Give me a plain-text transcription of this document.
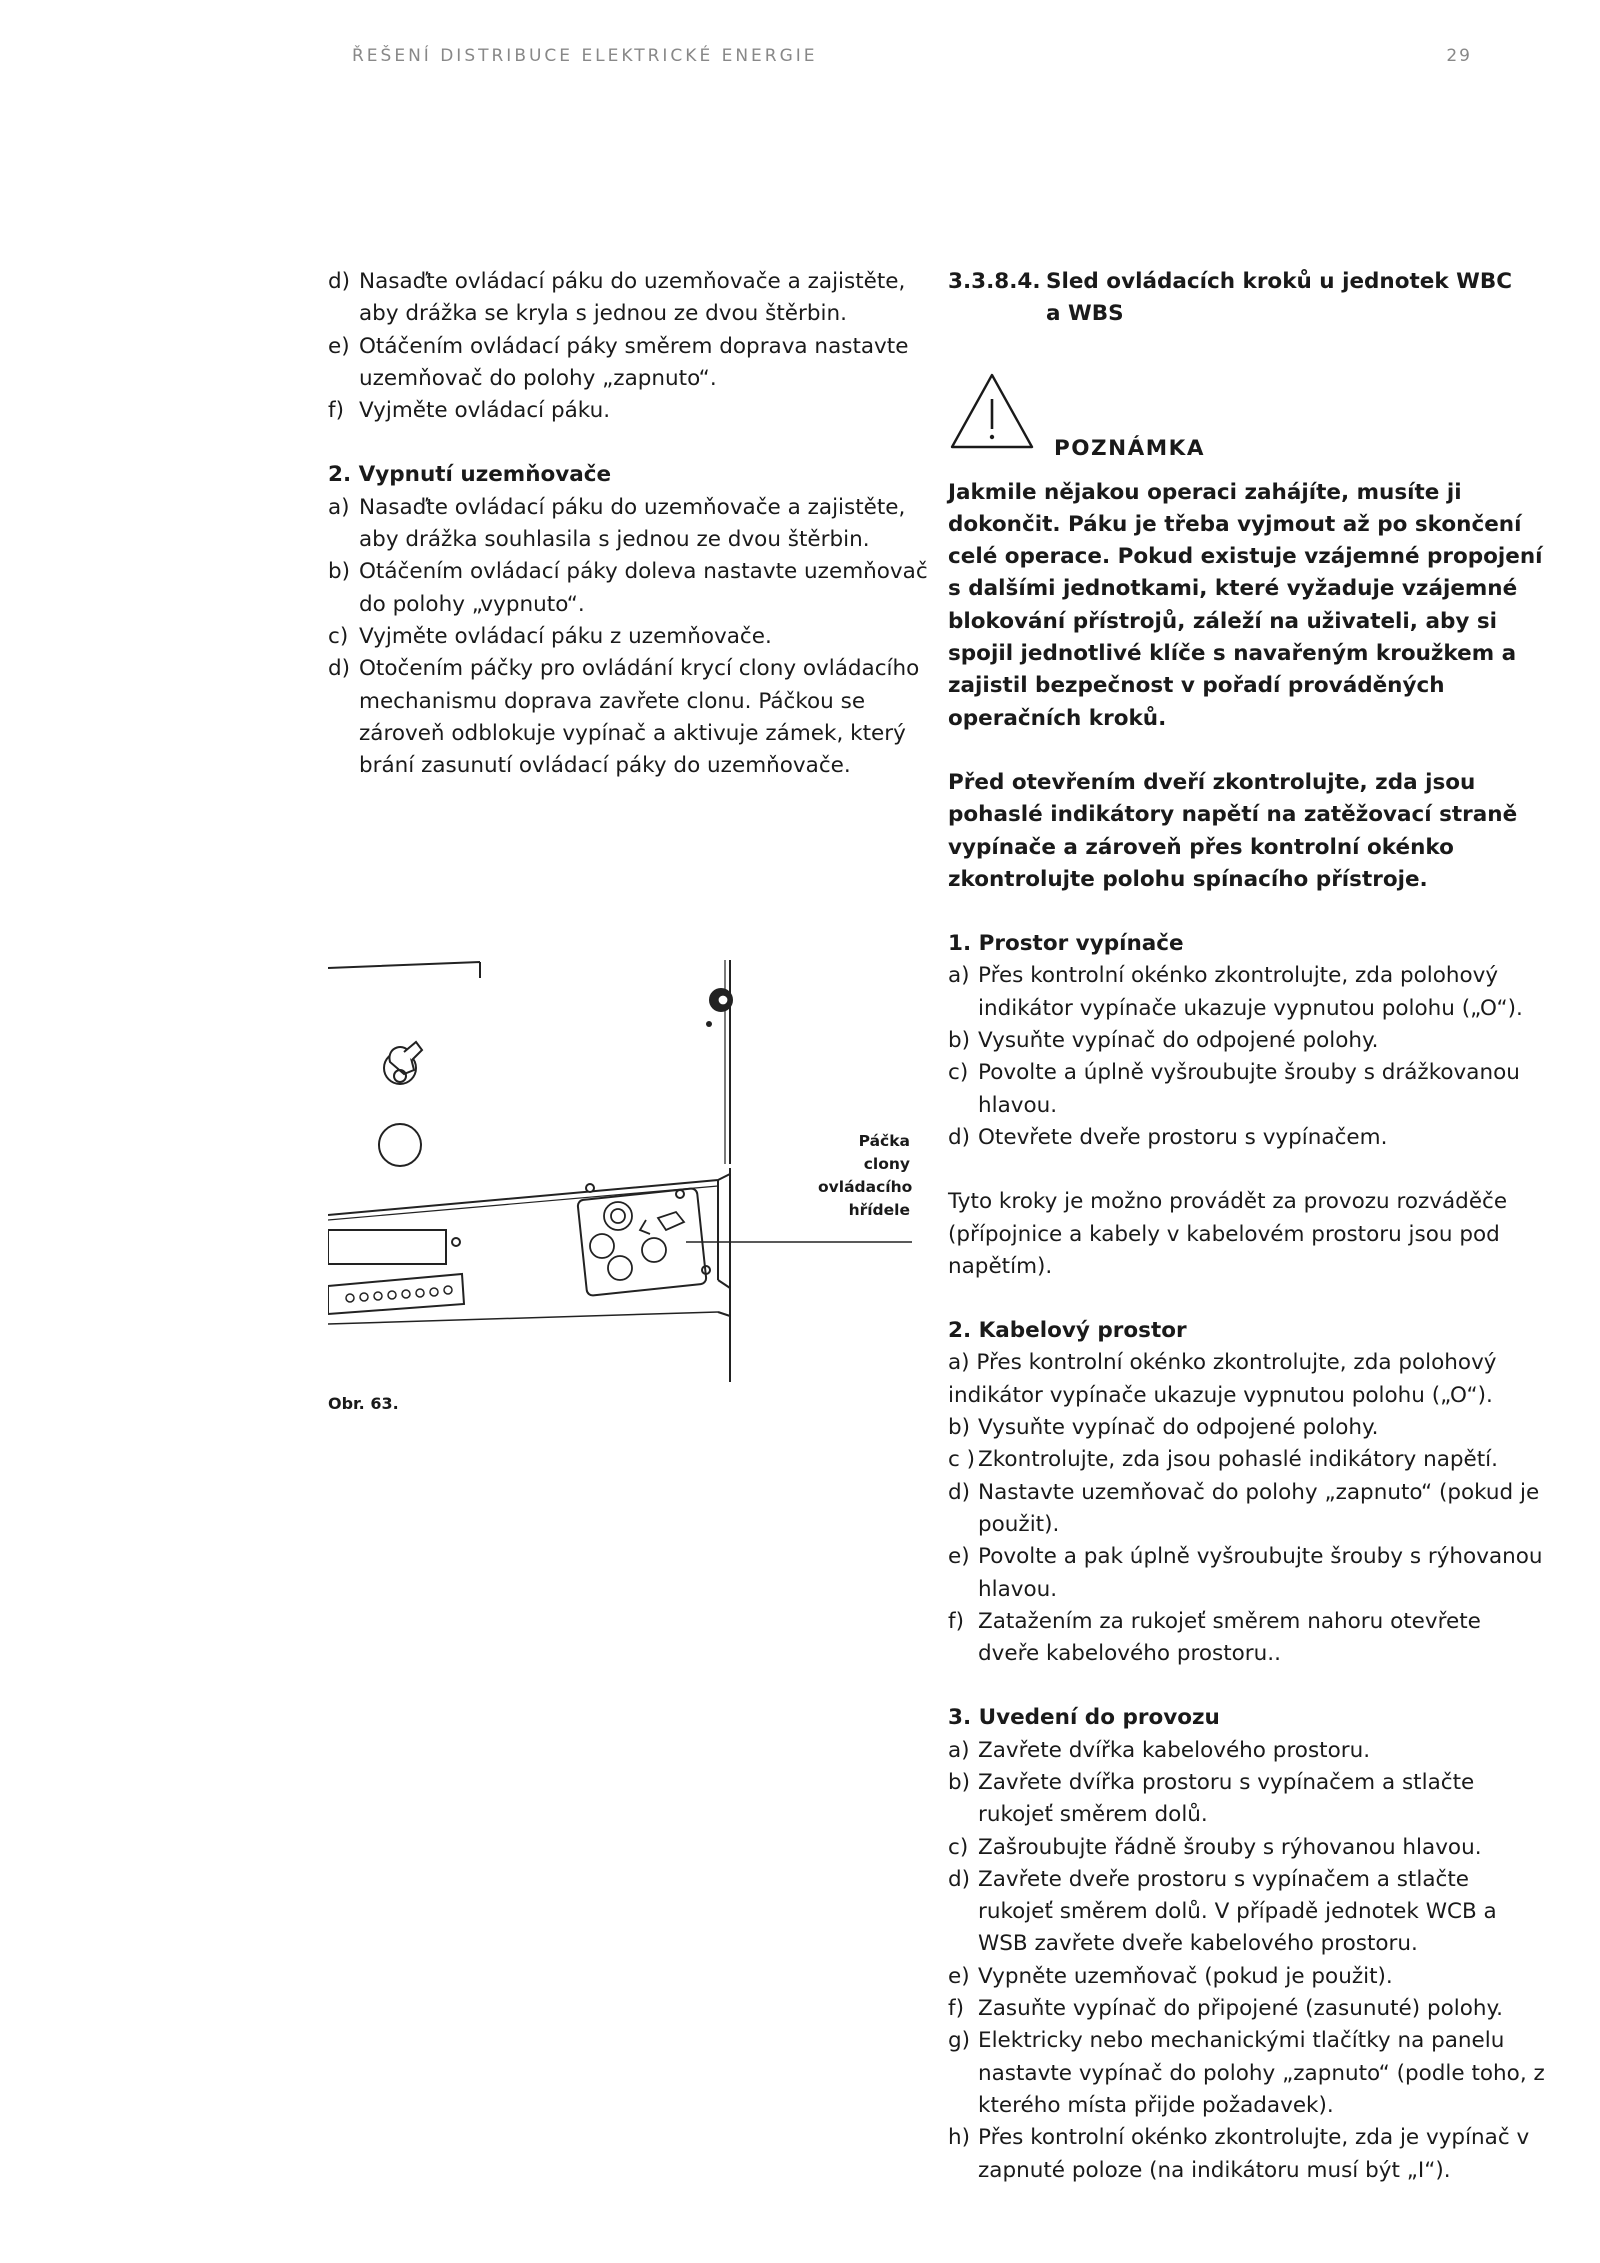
ŘEŠENÍ DISTRIBUCE ELEKTRICKÉ ENERGIE	29
d) Nasaďte ovládací páku do uzemňovače a zajistěte, aby drážka se kryla s jednou ze dvou štěrbin.
e) Otáčením ovládací páky směrem doprava nastavte uzemňovač do polohy „zapnuto“.
f) Vyjměte ovládací páku.
2. Vypnutí uzemňovače
a) Nasaďte ovládací páku do uzemňovače a zajistěte, aby drážka souhlasila s jednou ze dvou štěrbin.
b) Otáčením ovládací páky doleva nastavte uzemňovač do polohy „vypnuto“.
c) Vyjměte ovládací páku z uzemňovače.
d) Otočením páčky pro ovládání krycí clony ovládacího mechanismu doprava zavřete clonu. Páčkou se zároveň odblokuje vypínač a aktivuje zámek, který brání zasunutí ovládací páky do uzemňovače.
Páčka clony ovládacího hřídele
Obr. 63.
3.3.8.4. Sled ovládacích kroků u jednotek WBC a WBS
POZNÁMKA
Jakmile nějakou operaci zahájíte, musíte ji dokončit. Páku je třeba vyjmout až po skončení celé operace. Pokud existuje vzájemné propojení s dalšími jednotkami, které vyžaduje vzájemné blokování přístrojů, záleží na uživateli, aby si spojil jednotlivé klíče s navařeným kroužkem a zajistil bezpečnost v pořadí prováděných operačních kroků.
Před otevřením dveří zkontrolujte, zda jsou pohaslé indikátory napětí na zatěžovací straně vypínače a zároveň přes kontrolní okénko zkontrolujte polohu spínacího přístroje.
1. Prostor vypínače
a) Přes kontrolní okénko zkontrolujte, zda polohový indikátor vypínače ukazuje vypnutou polohu („O“).
b) Vysuňte vypínač do odpojené polohy.
c) Povolte a úplně vyšroubujte šrouby s drážkovanou hlavou.
d) Otevřete dveře prostoru s vypínačem.
Tyto kroky je možno provádět za provozu rozváděče (přípojnice a kabely v kabelovém prostoru jsou pod napětím).
2. Kabelový prostor
a) Přes kontrolní okénko zkontrolujte, zda polohový indikátor vypínače ukazuje vypnutou polohu („O“).
b) Vysuňte vypínač do odpojené polohy.
c ) Zkontrolujte, zda jsou pohaslé indikátory napětí.
d) Nastavte uzemňovač do polohy „zapnuto“ (pokud je použit).
e) Povolte a pak úplně vyšroubujte šrouby s rýhovanou hlavou.
f) Zatažením za rukojeť směrem nahoru otevřete dveře kabelového prostoru..
3. Uvedení do provozu
a) Zavřete dvířka kabelového prostoru.
b) Zavřete dvířka prostoru s vypínačem a stlačte rukojeť směrem dolů.
c) Zašroubujte řádně šrouby s rýhovanou hlavou.
d) Zavřete dveře prostoru s vypínačem a stlačte rukojeť směrem dolů. V případě jednotek WCB a WSB zavřete dveře kabelového prostoru.
e) Vypněte uzemňovač (pokud je použit).
f) Zasuňte vypínač do připojené (zasunuté) polohy.
g) Elektricky nebo mechanickými tlačítky na panelu nastavte vypínač do polohy „zapnuto“ (podle toho, z kterého místa přijde požadavek).
h) Přes kontrolní okénko zkontrolujte, zda je vypínač v zapnuté poloze (na indikátoru musí být „I“).
